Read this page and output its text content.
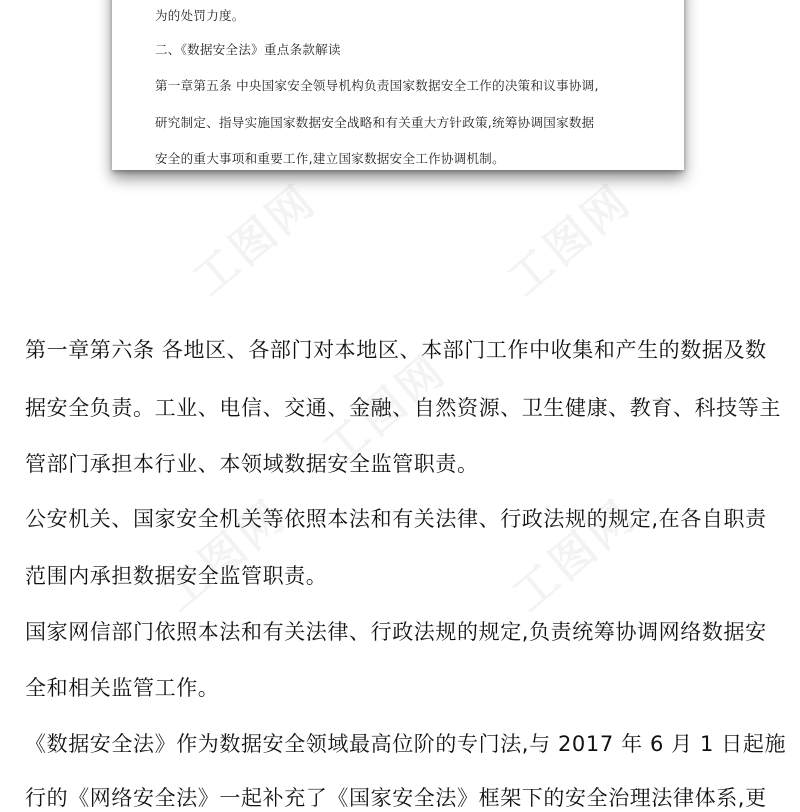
为的处罚力度。
二、《数据安全法》重点条款解读
第一章第五条 中央国家安全领导机构负责国家数据安全工作的决策和议事协调,
研究制定、指导实施国家数据安全战略和有关重大方针政策,统筹协调国家数据
安全的重大事项和重要工作,建立国家数据安全工作协调机制。
第一章第六条 各地区、各部门对本地区、本部门工作中收集和产生的数据及数
据安全负责。工业、电信、交通、金融、自然资源、卫生健康、教育、科技等主
管部门承担本行业、本领域数据安全监管职责。
公安机关、国家安全机关等依照本法和有关法律、行政法规的规定,在各自职责
范围内承担数据安全监管职责。
国家网信部门依照本法和有关法律、行政法规的规定,负责统筹协调网络数据安
全和相关监管工作。
《数据安全法》作为数据安全领域最高位阶的专门法,与 2017 年 6 月 1 日起施
行的《网络安全法》一起补充了《国家安全法》框架下的安全治理法律体系,更
